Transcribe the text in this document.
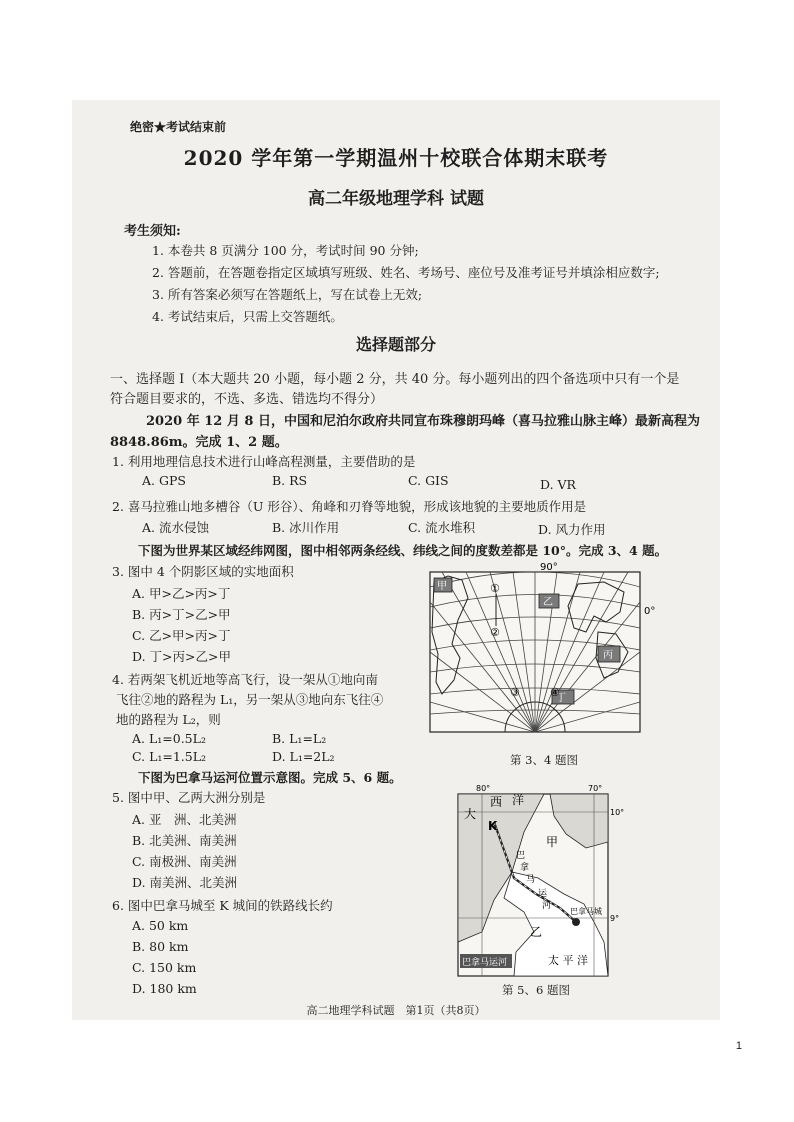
绝密★考试结束前
2020 学年第一学期温州十校联合体期末联考
高二年级地理学科 试题
考生须知:
1. 本卷共 8 页满分 100 分，考试时间 90 分钟;
2. 答题前，在答题卷指定区域填写班级、姓名、考场号、座位号及准考证号并填涂相应数字;
3. 所有答案必须写在答题纸上，写在试卷上无效;
4. 考试结束后，只需上交答题纸。
选择题部分
一、选择题 I（本大题共 20 小题，每小题 2 分，共 40 分。每小题列出的四个备选项中只有一个是
符合题目要求的，不选、多选、错选均不得分）
2020 年 12 月 8 日，中国和尼泊尔政府共同宣布珠穆朗玛峰（喜马拉雅山脉主峰）最新高程为
8848.86m。完成 1、2 题。
1. 利用地理信息技术进行山峰高程测量，主要借助的是
A. GPS	B. RS	C. GIS	D. VR
2. 喜马拉雅山地多槽谷（U 形谷）、角峰和刃脊等地貌，形成该地貌的主要地质作用是
A. 流水侵蚀	B. 冰川作用	C. 流水堆积	D. 风力作用
下图为世界某区域经纬网图，图中相邻两条经线、纬线之间的度数差都是 10°。完成 3、4 题。
3. 图中 4 个阴影区域的实地面积
A. 甲>乙>丙>丁
B. 丙>丁>乙>甲
C. 乙>甲>丙>丁
D. 丁>丙>乙>甲
4. 若两架飞机近地等高飞行，设一架从①地向南
飞往②地的路程为 L₁，另一架从③地向东飞往④
地的路程为 L₂，则
A. L₁=0.5L₂	B. L₁=L₂
C. L₁=1.5L₂	D. L₁=2L₂
下图为巴拿马运河位置示意图。完成 5、6 题。
5. 图中甲、乙两大洲分别是
A. 亚　洲、北美洲
B. 北美洲、南美洲
C. 南极洲、南美洲
D. 南美洲、北美洲
6. 图中巴拿马城至 K 城间的铁路线长约
A. 50 km
B. 80 km
C. 150 km
D. 180 km
甲
乙
丙
丁
①
②
③	④
90°
0°
第 3、4 题图
80°	70°
10°
9°
大
西 洋
K
甲
乙
巴
拿
马
运
河
巴拿马城
太 平 洋
巴拿马运河
第 5、6 题图
高二地理学科试题　第1页（共8页）
1
